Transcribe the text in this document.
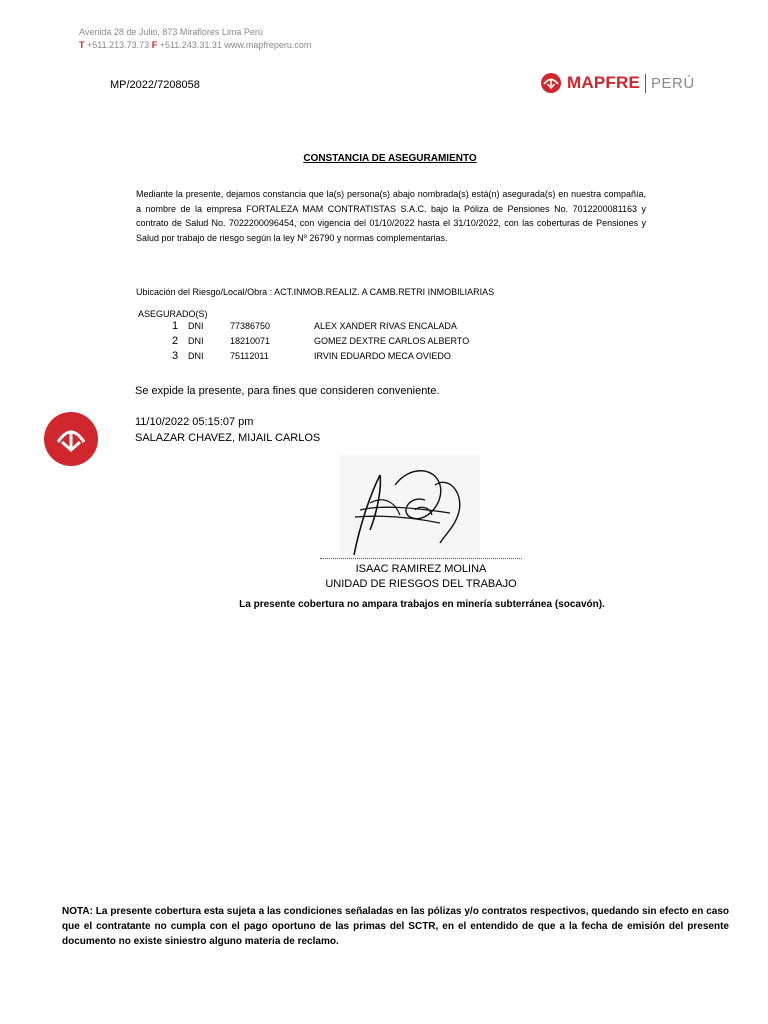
Avenida 28 de Julio, 873 Miraflores Lima Perú
T +511.213.73.73 F +511.243.31.31 www.mapfreperu.com
MP/2022/7208058	MAPFRE PERÚ
CONSTANCIA DE ASEGURAMIENTO
Mediante la presente, dejamos constancia que la(s) persona(s) abajo nombrada(s) está(n) asegurada(s) en nuestra compañía, a nombre de la empresa FORTALEZA MAM CONTRATISTAS S.A.C. bajo la Póliza de Pensiones No. 7012200081163 y contrato de Salud No. 7022200096454, con vigencia del 01/10/2022 hasta el 31/10/2022, con las coberturas de Pensiones y Salud por trabajo de riesgo según la ley Nº 26790 y normas complementarias.
Ubicación del Riesgo/Local/Obra : ACT.INMOB.REALIZ. A CAMB.RETRI INMOBILIARIAS
ASEGURADO(S)
1 DNI	77386750	ALEX XANDER RIVAS ENCALADA
2 DNI	18210071	GOMEZ DEXTRE CARLOS ALBERTO
3 DNI	75112011	IRVIN EDUARDO MECA OVIEDO
Se expide la presente, para fines que consideren conveniente.
11/10/2022 05:15:07 pm
SALAZAR CHAVEZ, MIJAIL CARLOS
ISAAC RAMIREZ MOLINA
UNIDAD DE RIESGOS DEL TRABAJO
La presente cobertura no ampara trabajos en minería subterránea (socavón).
NOTA: La presente cobertura esta sujeta a las condiciones señaladas en las pólizas y/o contratos respectivos, quedando sin efecto en caso que el contratante no cumpla con el pago oportuno de las primas del SCTR, en el entendido de que a la fecha de emisión del presente documento no existe siniestro alguno materia de reclamo.
